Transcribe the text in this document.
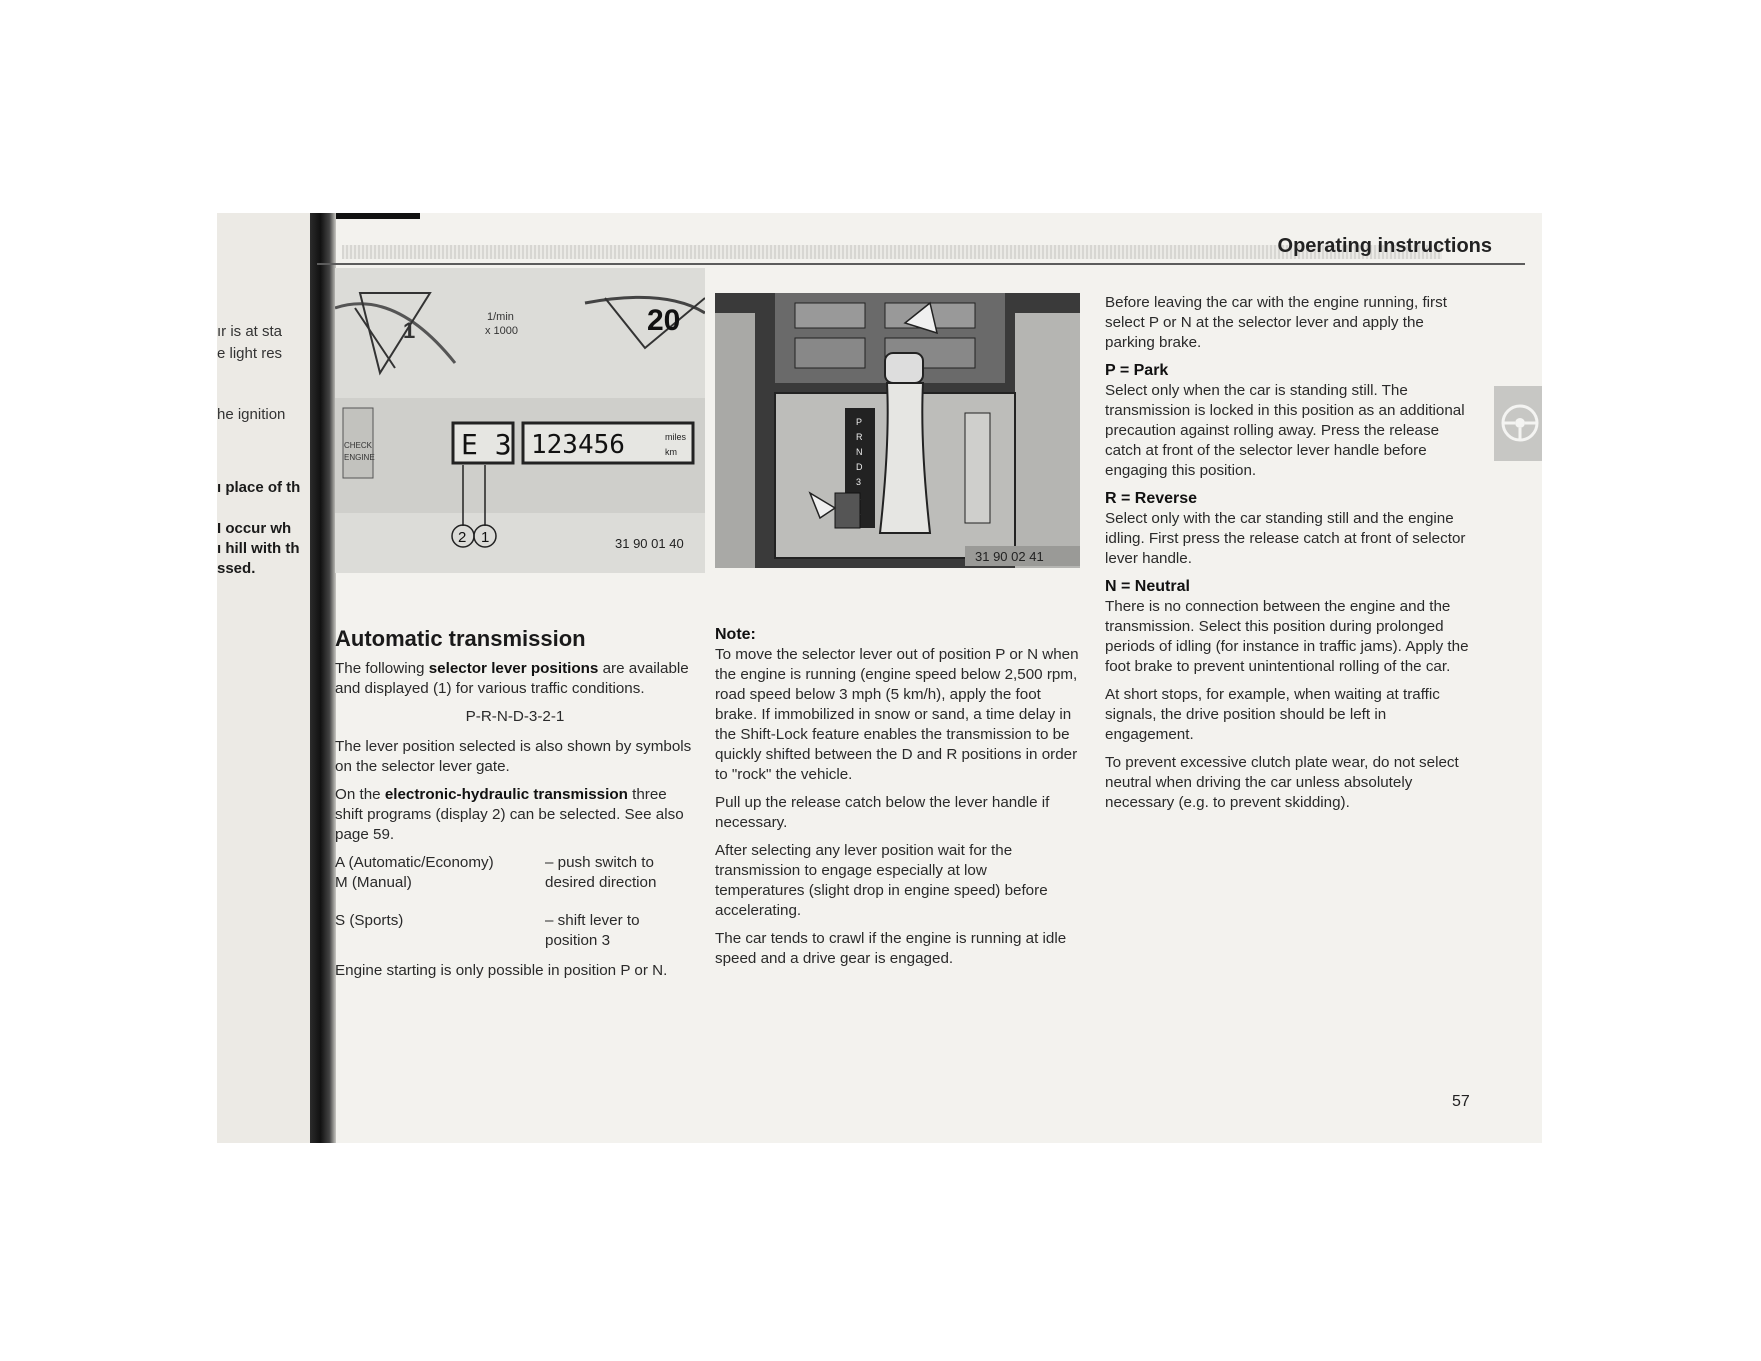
ır is at sta
e light res
he ignition
ı place of th
I occur wh
ı hill with th
ssed.
Operating instructions
1
1/min
x 1000	20
CHECK
ENGINE	E 3 123456	miles
km
2 1	31 90 01 40
P
R
N
D
3
31 90 02 41
Automatic transmission

The following selector lever positions are available and displayed (1) for various traffic conditions.

P-R-N-D-3-2-1

The lever position selected is also shown by symbols on the selector lever gate.

On the electronic-hydraulic transmission three shift programs (display 2) can be selected. See also page 59.

A (Automatic/Economy)	– push switch to
M (Manual)	desired direction
S (Sports)	– shift lever to position 3

Engine starting is only possible in position P or N.

Note:

To move the selector lever out of position P or N when the engine is running (engine speed below 2,500 rpm, road speed below 3 mph (5 km/h), apply the foot brake. If immobilized in snow or sand, a time delay in the Shift-Lock feature enables the transmission to be quickly shifted between the D and R positions in order to "rock" the vehicle.

Pull up the release catch below the lever handle if necessary.

After selecting any lever position wait for the transmission to engage especially at low temperatures (slight drop in engine speed) before accelerating.

The car tends to crawl if the engine is running at idle speed and a drive gear is engaged.

Before leaving the car with the engine running, first select P or N at the selector lever and apply the parking brake.

P = Park

Select only when the car is standing still. The transmission is locked in this position as an additional precaution against rolling away. Press the release catch at front of the selector lever handle before engaging this position.

R = Reverse

Select only with the car standing still and the engine idling. First press the release catch at front of selector lever handle.

N = Neutral

There is no connection between the engine and the transmission. Select this position during prolonged periods of idling (for instance in traffic jams). Apply the foot brake to prevent unintentional rolling of the car.

At short stops, for example, when waiting at traffic signals, the drive position should be left in engagement.

To prevent excessive clutch plate wear, do not select neutral when driving the car unless absolutely necessary (e.g. to prevent skidding).

57
